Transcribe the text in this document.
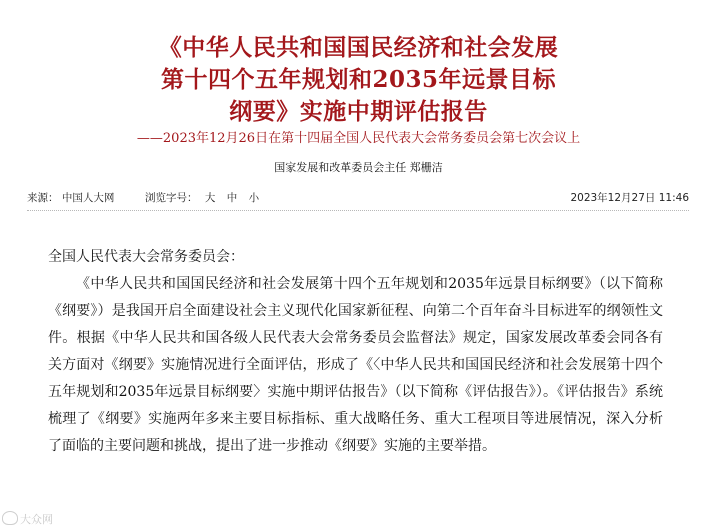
《中华人民共和国国民经济和社会发展
第十四个五年规划和2035年远景目标
纲要》实施中期评估报告
——2023年12月26日在第十四届全国人民代表大会常务委员会第七次会议上
国家发展和改革委员会主任 郑栅洁
来源： 中国人大网	浏览字号： 大 中 小	2023年12月27日 11:46

全国人民代表大会常务委员会：

《中华人民共和国国民经济和社会发展第十四个五年规划和2035年远景目标纲要》（以下简称《纲要》）是我国开启全面建设社会主义现代化国家新征程、向第二个百年奋斗目标进军的纲领性文件。根据《中华人民共和国各级人民代表大会常务委员会监督法》规定，国家发展改革委会同各有关方面对《纲要》实施情况进行全面评估，形成了《〈中华人民共和国国民经济和社会发展第十四个五年规划和2035年远景目标纲要〉实施中期评估报告》（以下简称《评估报告》）。《评估报告》系统梳理了《纲要》实施两年多来主要目标指标、重大战略任务、重大工程项目等进展情况，深入分析了面临的主要问题和挑战，提出了进一步推动《纲要》实施的主要举措。

大众网
